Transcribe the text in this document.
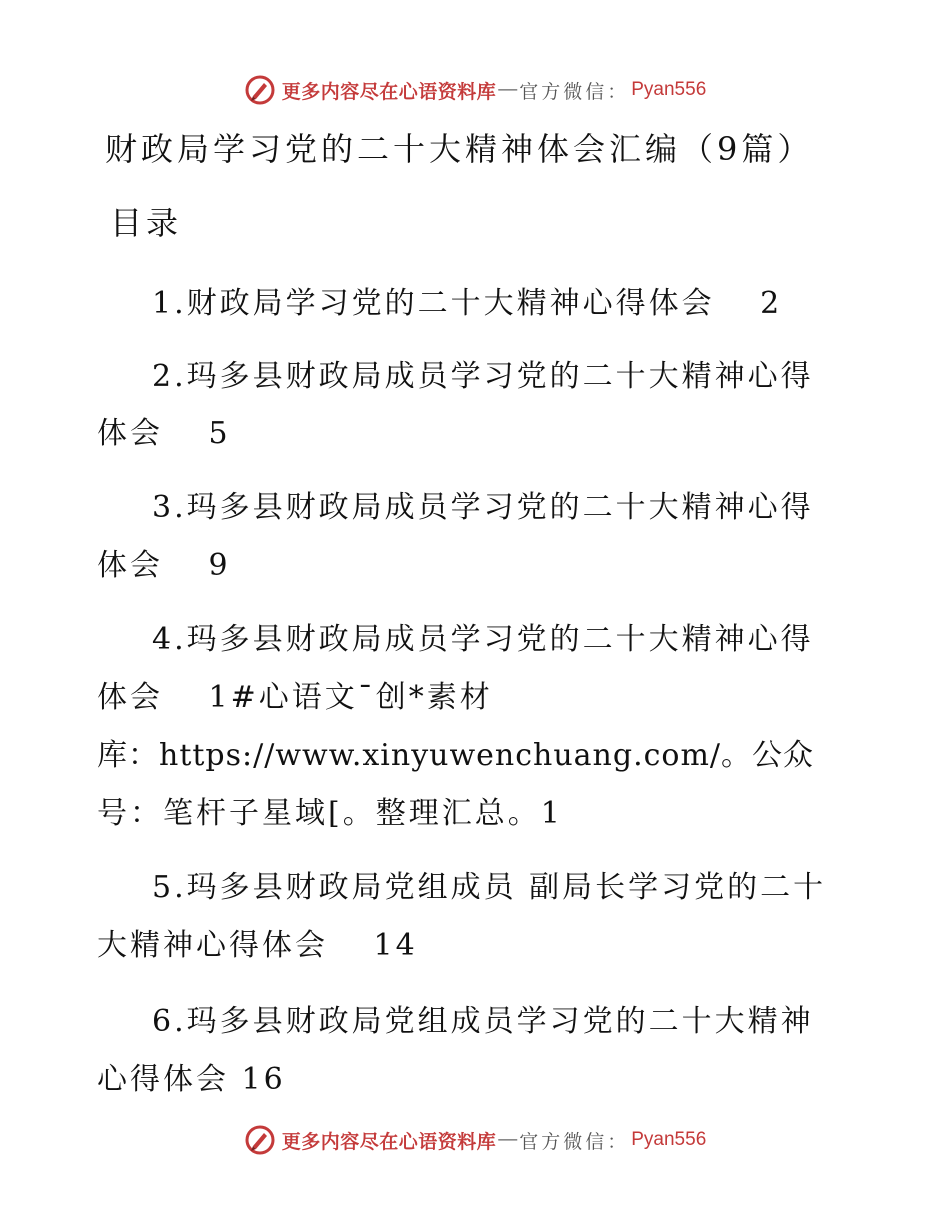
更多内容尽在心语资料库 — 官方微信： Pyan556
财政局学习党的二十大精神体会汇编（9篇）
目录
1.财政局学习党的二十大精神心得体会　 2
2.玛多县财政局成员学习党的二十大精神心得
体会　 5
3.玛多县财政局成员学习党的二十大精神心得
体会　 9
4.玛多县财政局成员学习党的二十大精神心得
体会　 1#心语文¯创*素材
库：https://www.xinyuwenchuang.com/。公众
号：笔杆子星域[。整理汇总。1
5.玛多县财政局党组成员 副局长学习党的二十
大精神心得体会　 14
6.玛多县财政局党组成员学习党的二十大精神
心得体会 16
更多内容尽在心语资料库 — 官方微信： Pyan556
